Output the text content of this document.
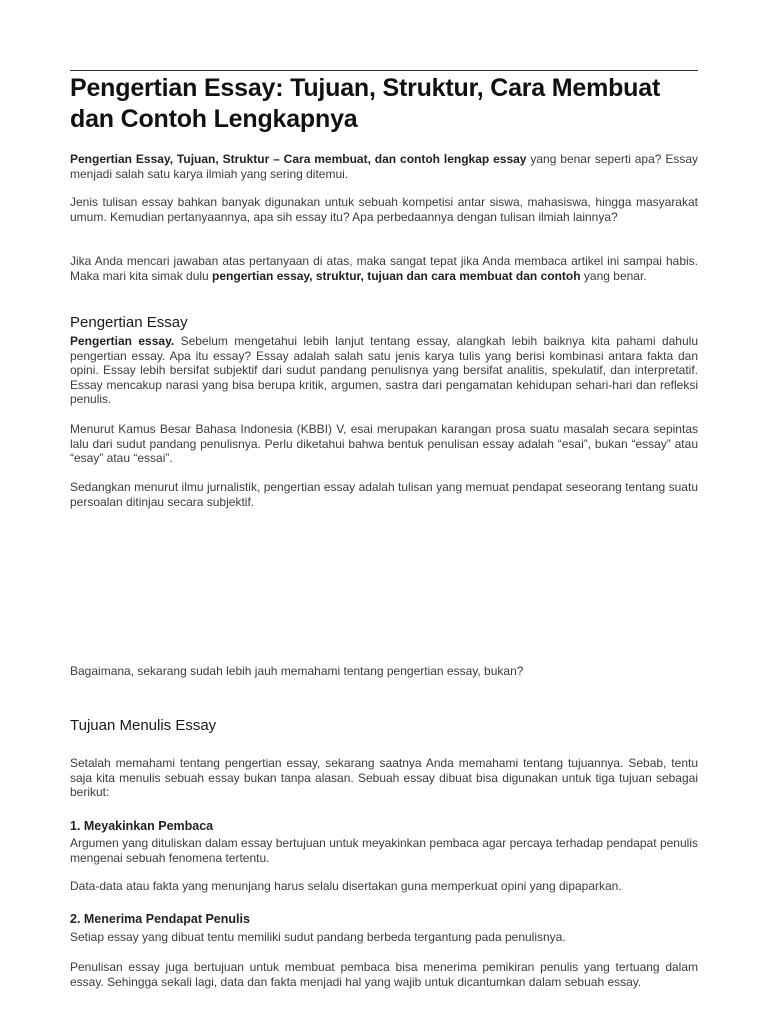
Pengertian Essay: Tujuan, Struktur, Cara Membuat dan Contoh Lengkapnya

Pengertian Essay, Tujuan, Struktur – Cara membuat, dan contoh lengkap essay yang benar seperti apa? Essay menjadi salah satu karya ilmiah yang sering ditemui.

Jenis tulisan essay bahkan banyak digunakan untuk sebuah kompetisi antar siswa, mahasiswa, hingga masyarakat umum. Kemudian pertanyaannya, apa sih essay itu? Apa perbedaannya dengan tulisan ilmiah lainnya?

Jika Anda mencari jawaban atas pertanyaan di atas, maka sangat tepat jika Anda membaca artikel ini sampai habis. Maka mari kita simak dulu pengertian essay, struktur, tujuan dan cara membuat dan contoh yang benar.

Pengertian Essay

Pengertian essay. Sebelum mengetahui lebih lanjut tentang essay, alangkah lebih baiknya kita pahami dahulu pengertian essay. Apa itu essay? Essay adalah salah satu jenis karya tulis yang berisi kombinasi antara fakta dan opini. Essay lebih bersifat subjektif dari sudut pandang penulisnya yang bersifat analitis, spekulatif, dan interpretatif. Essay mencakup narasi yang bisa berupa kritik, argumen, sastra dari pengamatan kehidupan sehari-hari dan refleksi penulis.

Menurut Kamus Besar Bahasa Indonesia (KBBI) V, esai merupakan karangan prosa suatu masalah secara sepintas lalu dari sudut pandang penulisnya. Perlu diketahui bahwa bentuk penulisan essay adalah “esai”, bukan “essay” atau “esay” atau “essai”.

Sedangkan menurut ilmu jurnalistik, pengertian essay adalah tulisan yang memuat pendapat seseorang tentang suatu persoalan ditinjau secara subjektif.

Bagaimana, sekarang sudah lebih jauh memahami tentang pengertian essay, bukan?

Tujuan Menulis Essay

Setalah memahami tentang pengertian essay, sekarang saatnya Anda memahami tentang tujuannya. Sebab, tentu saja kita menulis sebuah essay bukan tanpa alasan. Sebuah essay dibuat bisa digunakan untuk tiga tujuan sebagai berikut:

1. Meyakinkan Pembaca

Argumen yang dituliskan dalam essay bertujuan untuk meyakinkan pembaca agar percaya terhadap pendapat penulis mengenai sebuah fenomena tertentu.

Data-data atau fakta yang menunjang harus selalu disertakan guna memperkuat opini yang dipaparkan.

2. Menerima Pendapat Penulis

Setiap essay yang dibuat tentu memiliki sudut pandang berbeda tergantung pada penulisnya.

Penulisan essay juga bertujuan untuk membuat pembaca bisa menerima pemikiran penulis yang tertuang dalam essay. Sehingga sekali lagi, data dan fakta menjadi hal yang wajib untuk dicantumkan dalam sebuah essay.
